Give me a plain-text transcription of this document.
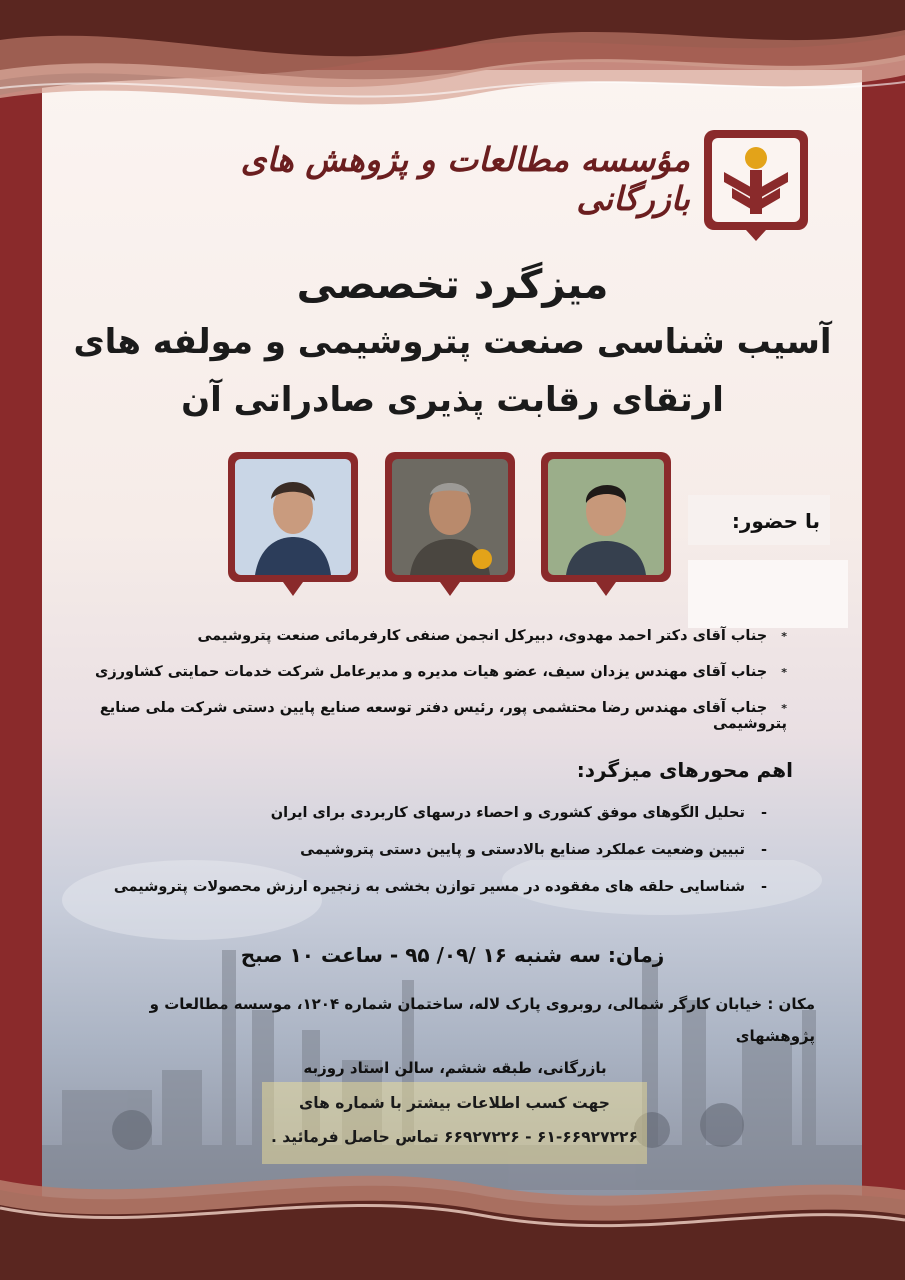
مؤسسه مطالعات و پژوهش های بازرگانی
میزگرد تخصصی
آسیب شناسی صنعت پتروشیمی و مولفه های
ارتقای رقابت پذیری صادراتی آن
با حضور:
*جناب آقای دکتر احمد مهدوی، دبیرکل انجمن صنفی کارفرمائی صنعت پتروشیمی
*جناب آقای مهندس یزدان سیف، عضو هیات مدیره و مدیرعامل شرکت خدمات حمایتی کشاورزی
*جناب آقای مهندس رضا محتشمی پور، رئیس دفتر توسعه صنایع پایین دستی شرکت ملی صنایع پتروشیمی
اهم محورهای میزگرد:
-تحلیل الگوهای موفق کشوری و احصاء درسهای کاربردی برای ایران
-تبیین وضعیت عملکرد صنایع بالادستی و پایین دستی پتروشیمی
-شناسایی حلقه های مفقوده در مسیر توازن بخشی به زنجیره ارزش محصولات پتروشیمی
زمان: سه شنبه ۱۶ /۰۹/ ۹۵ - ساعت ۱۰ صبح
مکان : خیابان کارگر شمالی، روبروی پارک لاله، ساختمان شماره ۱۲۰۴، موسسه مطالعات و پژوهشهای
بازرگانی، طبقه ششم، سالن استاد روزبه
جهت کسب اطلاعات بیشتر با شماره های
۶۱-۶۶۹۲۷۲۲۶ - ۶۶۹۲۷۲۲۶ تماس حاصل فرمائید .
